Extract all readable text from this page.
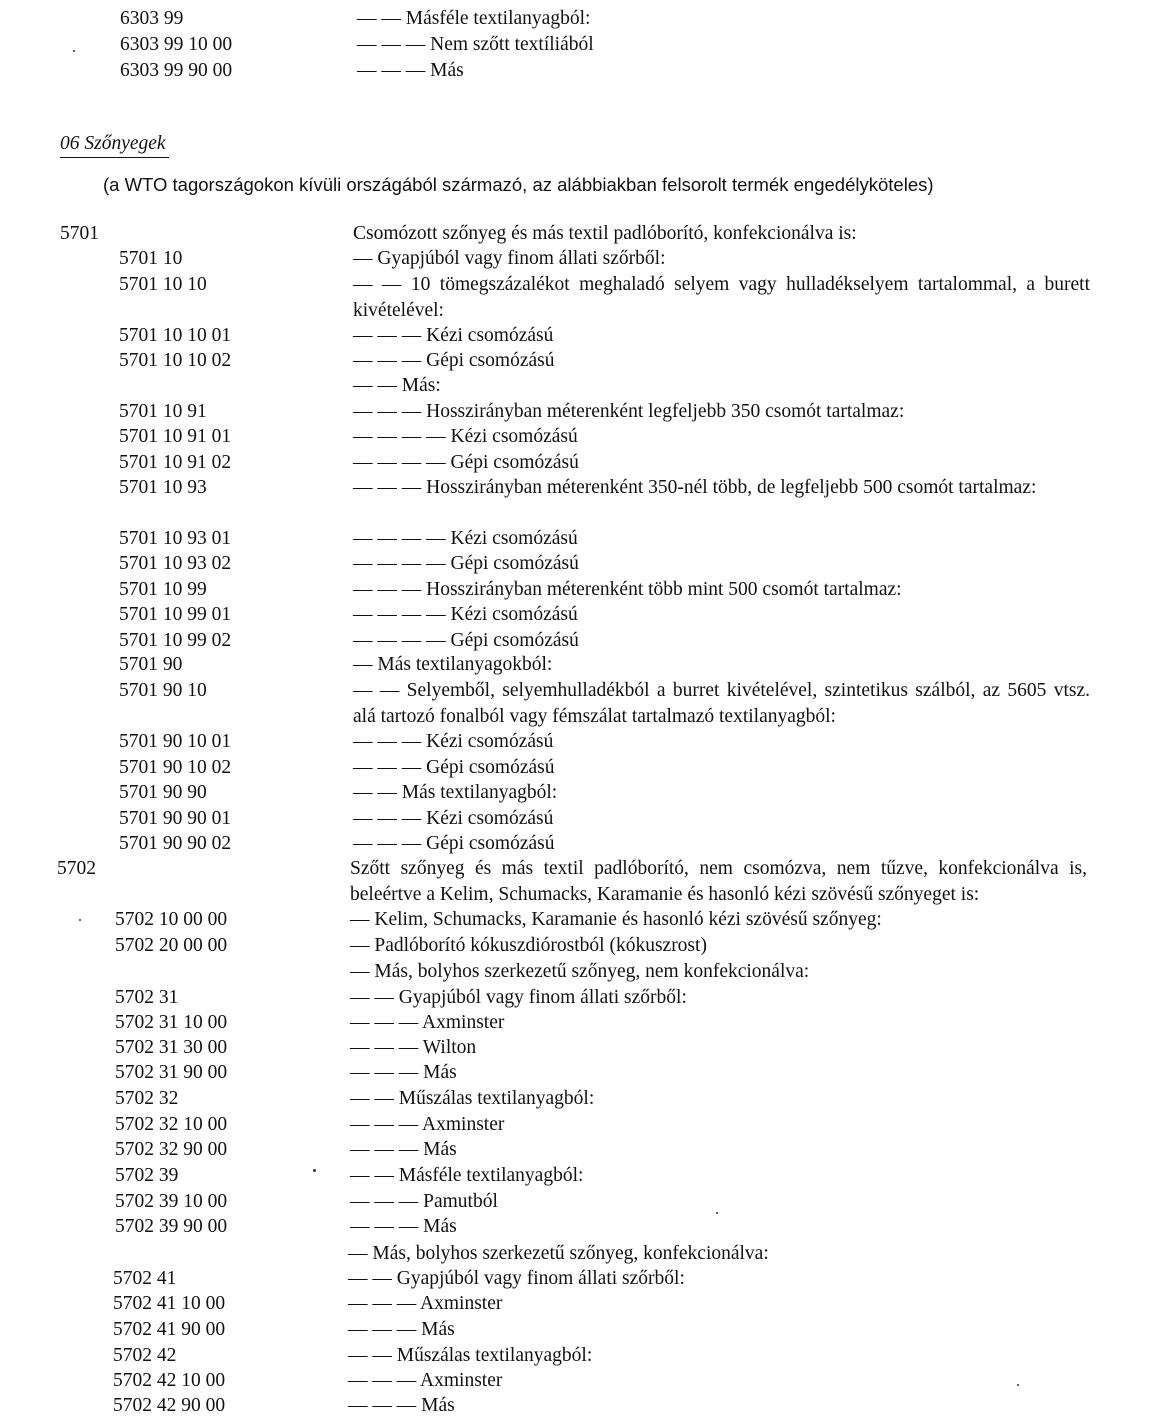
6303 99	— — Másféle textilanyagból:
6303 99 10 00	— — — Nem szőtt textíliából
6303 99 90 00	— — — Más
06 Szőnyegek
(a WTO tagországokon kívüli országából származó, az alábbiakban felsorolt termék engedélyköteles)
5701	Csomózott szőnyeg és más textil padlóborító, konfekcionálva is:
5701 10	— Gyapjúból vagy finom állati szőrből:
5701 10 10	— — 10 tömegszázalékot meghaladó selyem vagy hulladékselyem tartalommal, a burett kivételével:
5701 10 10 01	— — — Kézi csomózású
5701 10 10 02	— — — Gépi csomózású
— — Más:
5701 10 91	— — — Hosszirányban méterenként legfeljebb 350 csomót tartalmaz:
5701 10 91 01	— — — — Kézi csomózású
5701 10 91 02	— — — — Gépi csomózású
5701 10 93	— — — Hosszirányban méterenként 350-nél több, de legfeljebb 500 csomót tartalmaz:
5701 10 93 01	— — — — Kézi csomózású
5701 10 93 02	— — — — Gépi csomózású
5701 10 99	— — — Hosszirányban méterenként több mint 500 csomót tartalmaz:
5701 10 99 01	— — — — Kézi csomózású
5701 10 99 02	— — — — Gépi csomózású
5701 90	— Más textilanyagokból:
5701 90 10	— — Selyemből, selyemhulladékból a burret kivételével, szintetikus szálból, az 5605 vtsz. alá tartozó fonalból vagy fémszálat tartalmazó textilanyagból:
5701 90 10 01	— — — Kézi csomózású
5701 90 10 02	— — — Gépi csomózású
5701 90 90	— — Más textilanyagból:
5701 90 90 01	— — — Kézi csomózású
5701 90 90 02	— — — Gépi csomózású
5702	Szőtt szőnyeg és más textil padlóborító, nem csomózva, nem tűzve, konfekcionálva is, beleértve a Kelim, Schumacks, Karamanie és hasonló kézi szövésű szőnyeget is:
5702 10 00 00	— Kelim, Schumacks, Karamanie és hasonló kézi szövésű szőnyeg:
5702 20 00 00	— Padlóborító kókuszdiórostból (kókuszrost)
— Más, bolyhos szerkezetű szőnyeg, nem konfekcionálva:
5702 31	— — Gyapjúból vagy finom állati szőrből:
5702 31 10 00	— — — Axminster
5702 31 30 00	— — — Wilton
5702 31 90 00	— — — Más
5702 32	— — Műszálas textilanyagból:
5702 32 10 00	— — — Axminster
5702 32 90 00	— — — Más
5702 39	— — Másféle textilanyagból:
5702 39 10 00	— — — Pamutból
5702 39 90 00	— — — Más
— Más, bolyhos szerkezetű szőnyeg, konfekcionálva:
5702 41	— — Gyapjúból vagy finom állati szőrből:
5702 41 10 00	— — — Axminster
5702 41 90 00	— — — Más
5702 42	— — Műszálas textilanyagból:
5702 42 10 00	— — — Axminster
5702 42 90 00	— — — Más
